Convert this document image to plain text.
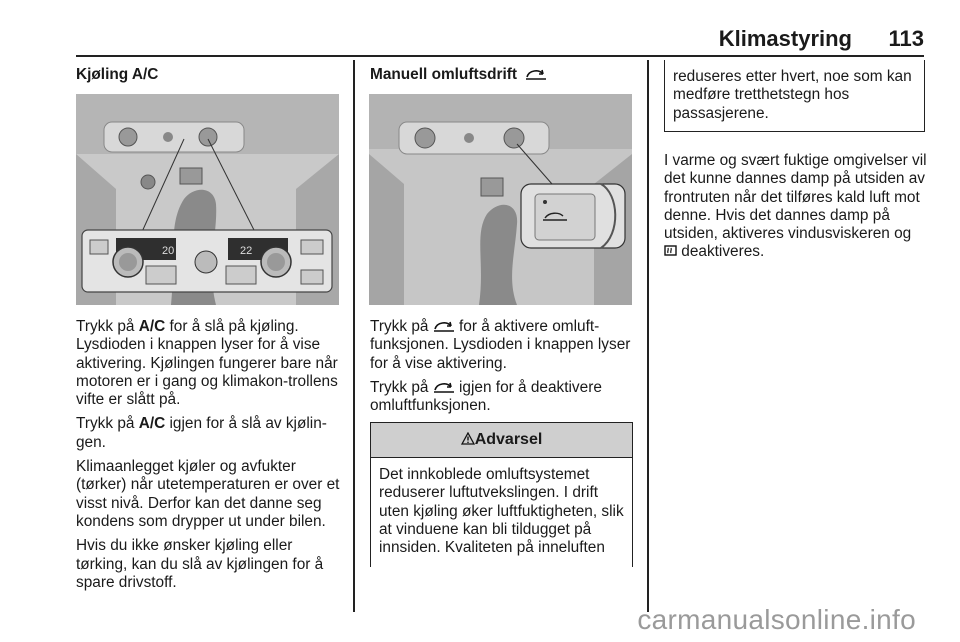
Klimastyring 113

Kjøling A/C

20	22

Trykk på A/C for å slå på kjøling. Lysdioden i knappen lyser for å vise aktivering. Kjølingen fungerer bare når motoren er i gang og klimakon-trollens vifte er slått på.

Trykk på A/C igjen for å slå av kjølin-gen.

Klimaanlegget kjøler og avfukter (tørker) når utetemperaturen er over et visst nivå. Derfor kan det danne seg kondens som drypper ut under bilen.

Hvis du ikke ønsker kjøling eller tørking, kan du slå av kjølingen for å spare drivstoff.

Manuell omluftsdrift

Trykk på for å aktivere omluft-funksjonen. Lysdioden i knappen lyser for å vise aktivering.

Trykk på igjen for å deaktivere omluftfunksjonen.

Advarsel
Det innkoblede omluftsystemet reduserer luftutvekslingen. I drift uten kjøling øker luftfuktigheten, slik at vinduene kan bli tildugget på innsiden. Kvaliteten på inneluften
reduseres etter hvert, noe som kan medføre tretthetstegn hos passasjerene.

I varme og svært fuktige omgivelser vil det kunne dannes damp på utsiden av frontruten når det tilføres kald luft mot denne. Hvis det dannes damp på utsiden, aktiveres vindusviskeren og
deaktiveres.

carmanualsonline.info
